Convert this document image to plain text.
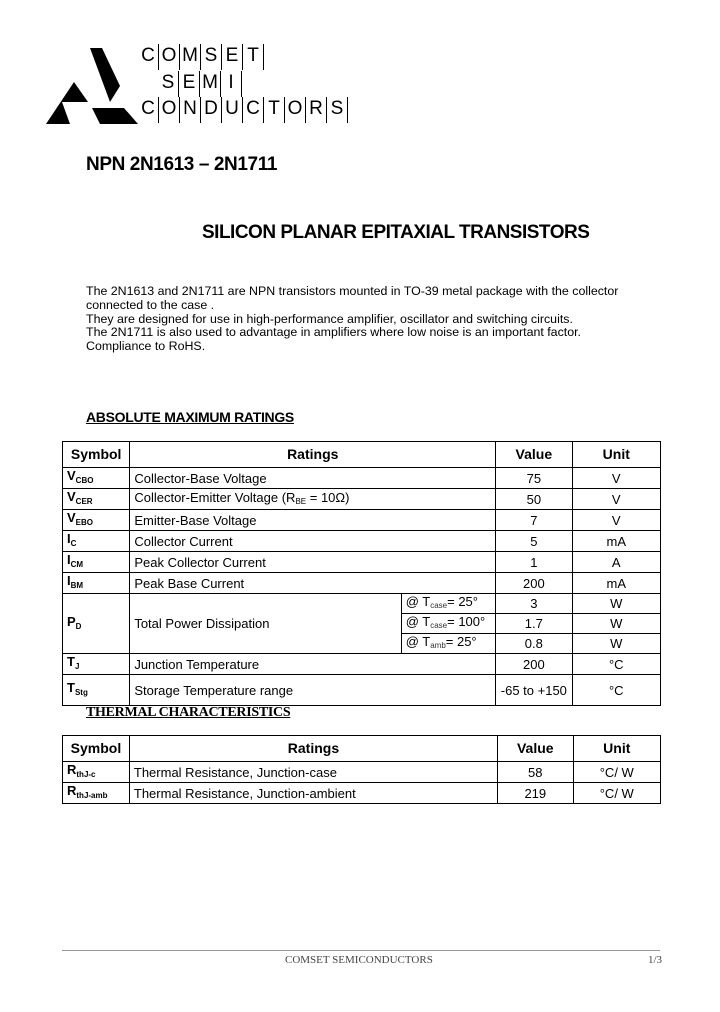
C O M S E T
S E M I
C O N D U C T O R S
NPN 2N1613 – 2N1711
SILICON PLANAR EPITAXIAL TRANSISTORS
The 2N1613 and 2N1711 are NPN transistors mounted in TO-39 metal package with the collector
connected to the case .
They are designed for use in high-performance amplifier, oscillator and switching circuits.
The 2N1711 is also used to advantage in amplifiers where low noise is an important factor.
Compliance to RoHS.
ABSOLUTE MAXIMUM RATINGS
Symbol	Ratings		Value	Unit
$V_{CBO}$	Collector-Base Voltage		75	V
$V_{CER}$	Collector-Emitter Voltage $(R_{BE} = 10\Omega)$		50	V
$V_{EBO}$	Emitter-Base Voltage		7	V
$I_C$	Collector Current		5	mA
$I_{CM}$	Peak Collector Current		1	A
$I_{BM}$	Peak Base Current		200	mA
$P_D$	Total Power Dissipation	@ $T_{case}= 25^\circ$	3	W
		@ $T_{case}= 100^\circ$	1.7	W
		@ $T_{amb}= 25^\circ$	0.8	W
$T_J$	Junction Temperature		200	°C
$T_{Stg}$	Storage Temperature range		-65 to +150	°C
THERMAL CHARACTERISTICS
Symbol	Ratings	Value	Unit
$R_{thJ-c}$	Thermal Resistance, Junction-case	58	°C/ W
$R_{thJ-amb}$	Thermal Resistance, Junction-ambient	219	°C/ W
COMSET SEMICONDUCTORS	1/3
